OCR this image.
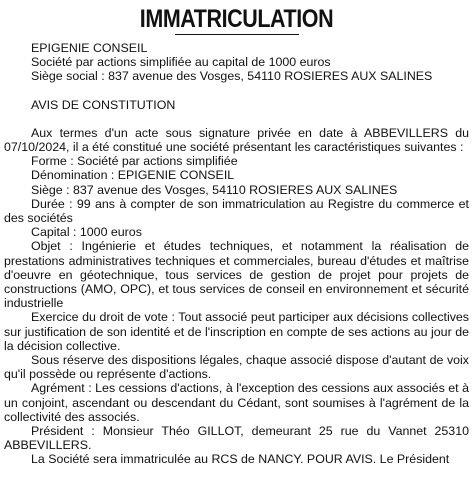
IMMATRICULATION
EPIGENIE CONSEIL
Société par actions simplifiée au capital de 1000 euros
Siège social : 837 avenue des Vosges, 54110 ROSIERES AUX SALINES
AVIS DE CONSTITUTION

Aux termes d'un acte sous signature privée en date à ABBEVILLERS du 07/10/2024, il a été constitué une société présentant les caractéristiques suivantes :

Forme : Société par actions simplifiée

Dénomination : EPIGENIE CONSEIL

Siège : 837 avenue des Vosges, 54110 ROSIERES AUX SALINES

Durée : 99 ans à compter de son immatriculation au Registre du commerce et des sociétés

Capital : 1000 euros

Objet : Ingénierie et études techniques, et notamment la réalisation de prestations administratives techniques et commerciales, bureau d'études et maîtrise d'oeuvre en géotechnique, tous services de gestion de projet pour projets de constructions (AMO, OPC), et tous services de conseil en environnement et sécurité industrielle

Exercice du droit de vote : Tout associé peut participer aux décisions collectives sur justification de son identité et de l'inscription en compte de ses actions au jour de la décision collective.

Sous réserve des dispositions légales, chaque associé dispose d'autant de voix qu'il possède ou représente d'actions.

Agrément : Les cessions d'actions, à l'exception des cessions aux associés et à un conjoint, ascendant ou descendant du Cédant, sont soumises à l'agrément de la collectivité des associés.

Président : Monsieur Théo GILLOT, demeurant 25 rue du Vannet 25310 ABBEVILLERS.

La Société sera immatriculée au RCS de NANCY. POUR AVIS. Le Président
